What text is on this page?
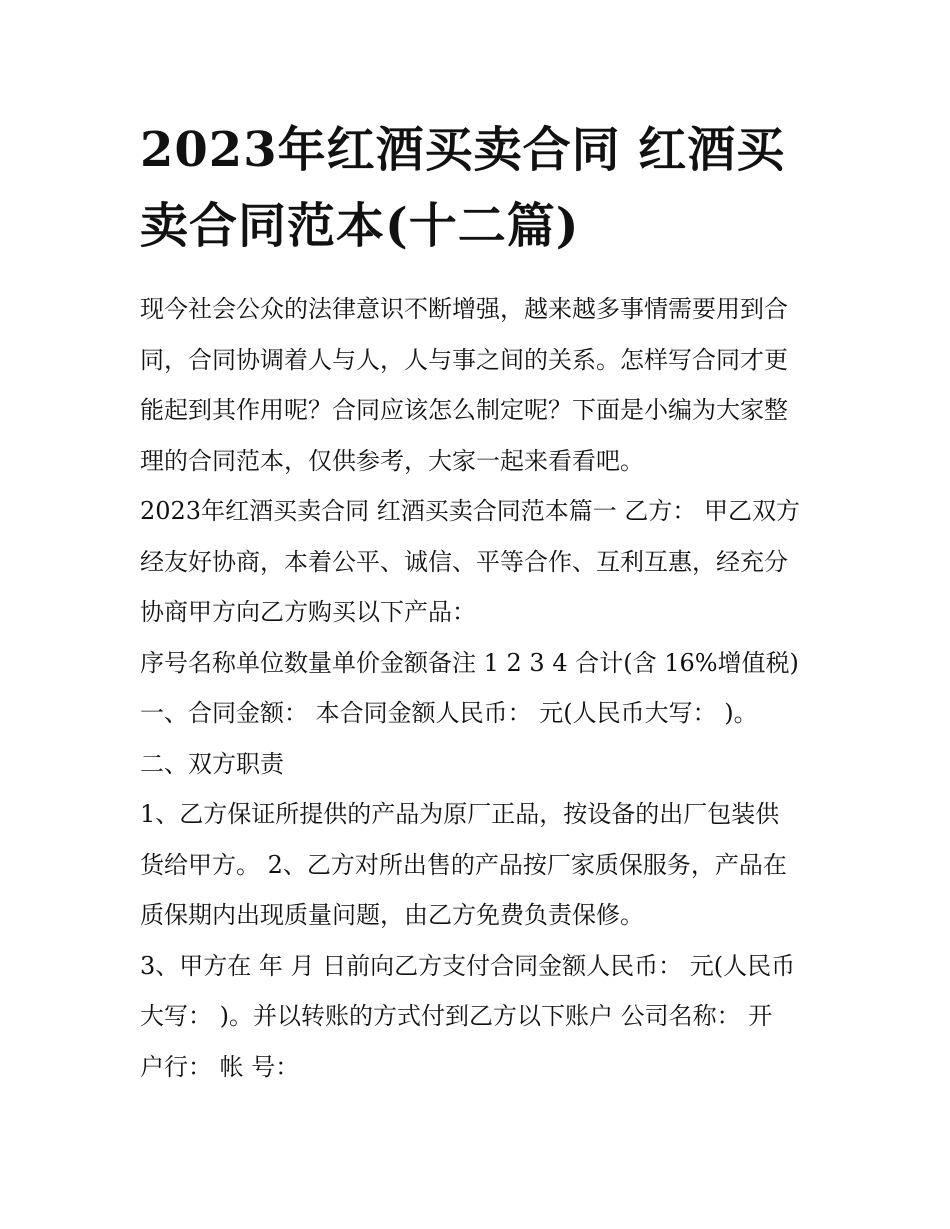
2023年红酒买卖合同 红酒买
卖合同范本(十二篇)

现今社会公众的法律意识不断增强，越来越多事情需要用到合
同，合同协调着人与人，人与事之间的关系。怎样写合同才更
能起到其作用呢？合同应该怎么制定呢？下面是小编为大家整
理的合同范本，仅供参考，大家一起来看看吧。

2023年红酒买卖合同 红酒买卖合同范本篇一 乙方： 甲乙双方
经友好协商，本着公平、诚信、平等合作、互利互惠，经充分
协商甲方向乙方购买以下产品：

序号名称单位数量单价金额备注 1 2 3 4 合计(含 16%增值税)

一、合同金额： 本合同金额人民币： 元(人民币大写： )。

二、双方职责

1、乙方保证所提供的产品为原厂正品，按设备的出厂包装供
货给甲方。 2、乙方对所出售的产品按厂家质保服务，产品在
质保期内出现质量问题，由乙方免费负责保修。

3、甲方在 年 月 日前向乙方支付合同金额人民币： 元(人民币
大写： )。并以转账的方式付到乙方以下账户 公司名称： 开
户行： 帐 号：
